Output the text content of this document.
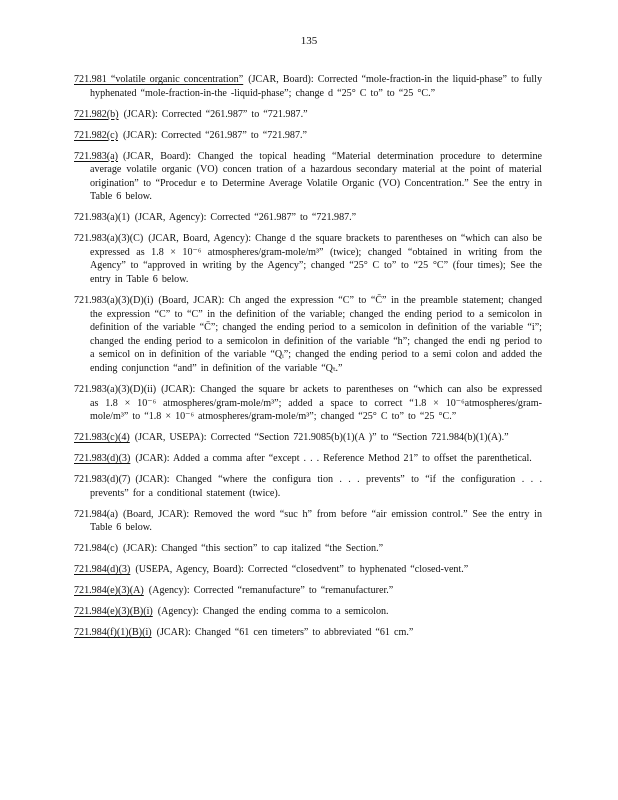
135

721.981 “volatile organic concentration” (JCAR, Board): Corrected “mole-fraction-in the liquid-phase” to fully hyphenated “mole-fraction-in-the -liquid-phase”; change d “25° C to” to “25 °C.”

721.982(b) (JCAR): Corrected “261.987” to “721.987.”

721.982(c) (JCAR): Corrected “261.987” to “721.987.”

721.983(a) (JCAR, Board): Changed the topical heading “Material determination procedure to determine average volatile organic (VO) concen tration of a hazardous secondary material at the point of material origination” to “Procedur e to Determine Average Volatile Organic (VO) Concentration.” See the entry in Table 6 below.

721.983(a)(1) (JCAR, Agency): Corrected “261.987” to “721.987.”

721.983(a)(3)(C) (JCAR, Board, Agency): Change d the square brackets to parentheses on “which can also be expressed as 1.8 × 10⁻⁶ atmospheres/gram-mole/m³” (twice); changed “obtained in writing from the Agency” to “approved in writing by the Agency”; changed “25° C to” to “25 °C” (four times); See the entry in Table 6 below.

721.983(a)(3)(D)(i) (Board, JCAR): Ch anged the expression “C” to “C̄” in the preamble statement; changed the expression “C” to “C” in the definition of the variable; changed the ending period to a semicolon in definition of the variable “C̄”; changed the ending period to a semicolon in definition of the variable “i”; changed the ending period to a semicolon in definition of the variable “h”; changed the endi ng period to a semicol on in definition of the variable “Qᵢ”; changed the ending period to a semi colon and added the ending conjunction “and” in definition of the variable “Qₜ.”

721.983(a)(3)(D)(ii) (JCAR): Changed the square br ackets to parentheses on “which can also be expressed as 1.8 × 10⁻⁶ atmospheres/gram-mole/m³”; added a space to correct “1.8 × 10⁻⁶atmospheres/gram-mole/m³” to “1.8 × 10⁻⁶ atmospheres/gram-mole/m³”; changed “25° C to” to “25 °C.”

721.983(c)(4) (JCAR, USEPA): Corrected “Section 721.9085(b)(1)(A )” to “Section 721.984(b)(1)(A).”

721.983(d)(3) (JCAR): Added a comma after “except . . . Reference Method 21” to offset the parenthetical.

721.983(d)(7) (JCAR): Changed “where the configura tion . . . prevents” to “if the configuration . . . prevents” for a conditional statement (twice).

721.984(a) (Board, JCAR): Removed the word “suc h” from before “air emission control.” See the entry in Table 6 below.

721.984(c) (JCAR): Changed “this section” to cap italized “the Section.”

721.984(d)(3) (USEPA, Agency, Board): Corrected “closedvent” to hyphenated “closed-vent.”

721.984(e)(3)(A) (Agency): Corrected “remanufacture” to “remanufacturer.”

721.984(e)(3)(B)(i) (Agency): Changed the ending comma to a semicolon.

721.984(f)(1)(B)(i) (JCAR): Changed “61 cen timeters” to abbreviated “61 cm.”
